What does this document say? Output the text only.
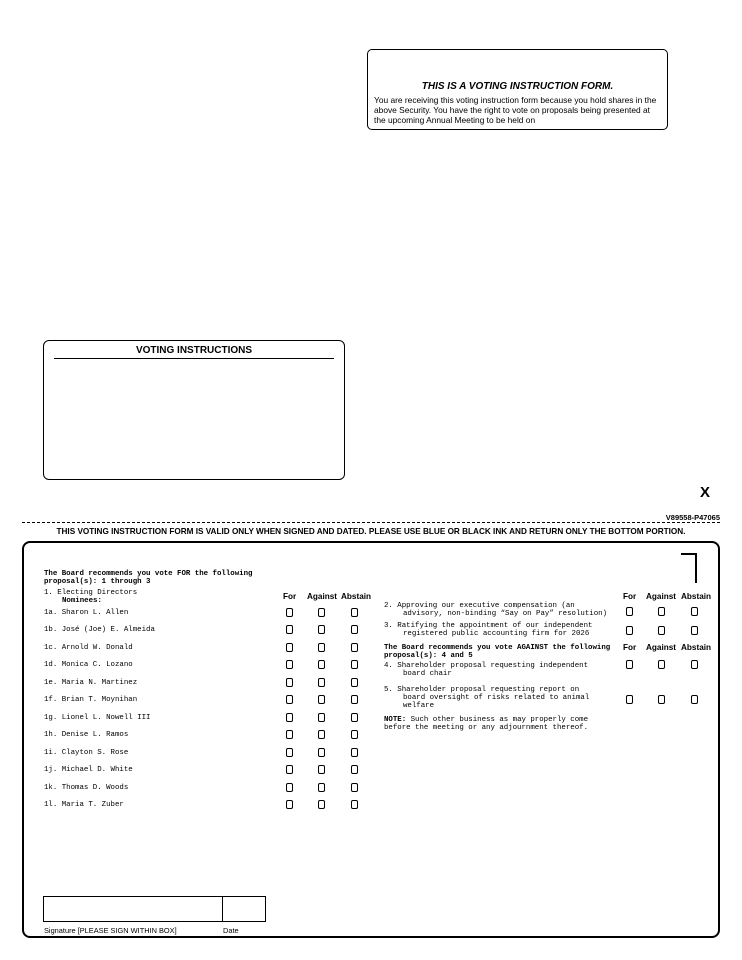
THIS IS A VOTING INSTRUCTION FORM.
You are receiving this voting instruction form because you hold shares in the above Security. You have the right to vote on proposals being presented at the upcoming Annual Meeting to be held on
VOTING INSTRUCTIONS
X
V89558-P47065
THIS VOTING INSTRUCTION FORM IS VALID ONLY WHEN SIGNED AND DATED. PLEASE USE BLUE OR BLACK INK AND RETURN ONLY THE BOTTOM PORTION.
The Board recommends you vote FOR the following
proposal(s): 1 through 3
1. Electing Directors
Nominees:	For Against Abstain
1a. Sharon L. Allen
1b. José (Joe) E. Almeida
1c. Arnold W. Donald
1d. Monica C. Lozano
1e. Maria N. Martinez
1f. Brian T. Moynihan
1g. Lionel L. Nowell III
1h. Denise L. Ramos
1i. Clayton S. Rose
1j. Michael D. White
1k. Thomas D. Woods
1l. Maria T. Zuber
For Against Abstain
2. Approving our executive compensation (an
advisory, non-binding “Say on Pay” resolution)
3. Ratifying the appointment of our independent
registered public accounting firm for 2026
The Board recommends you vote AGAINST the following
proposal(s): 4 and 5
For Against Abstain
4. Shareholder proposal requesting independent
board chair
5. Shareholder proposal requesting report on
board oversight of risks related to animal
welfare
NOTE: Such other business as may properly come
before the meeting or any adjournment thereof.
Signature [PLEASE SIGN WITHIN BOX]	Date
